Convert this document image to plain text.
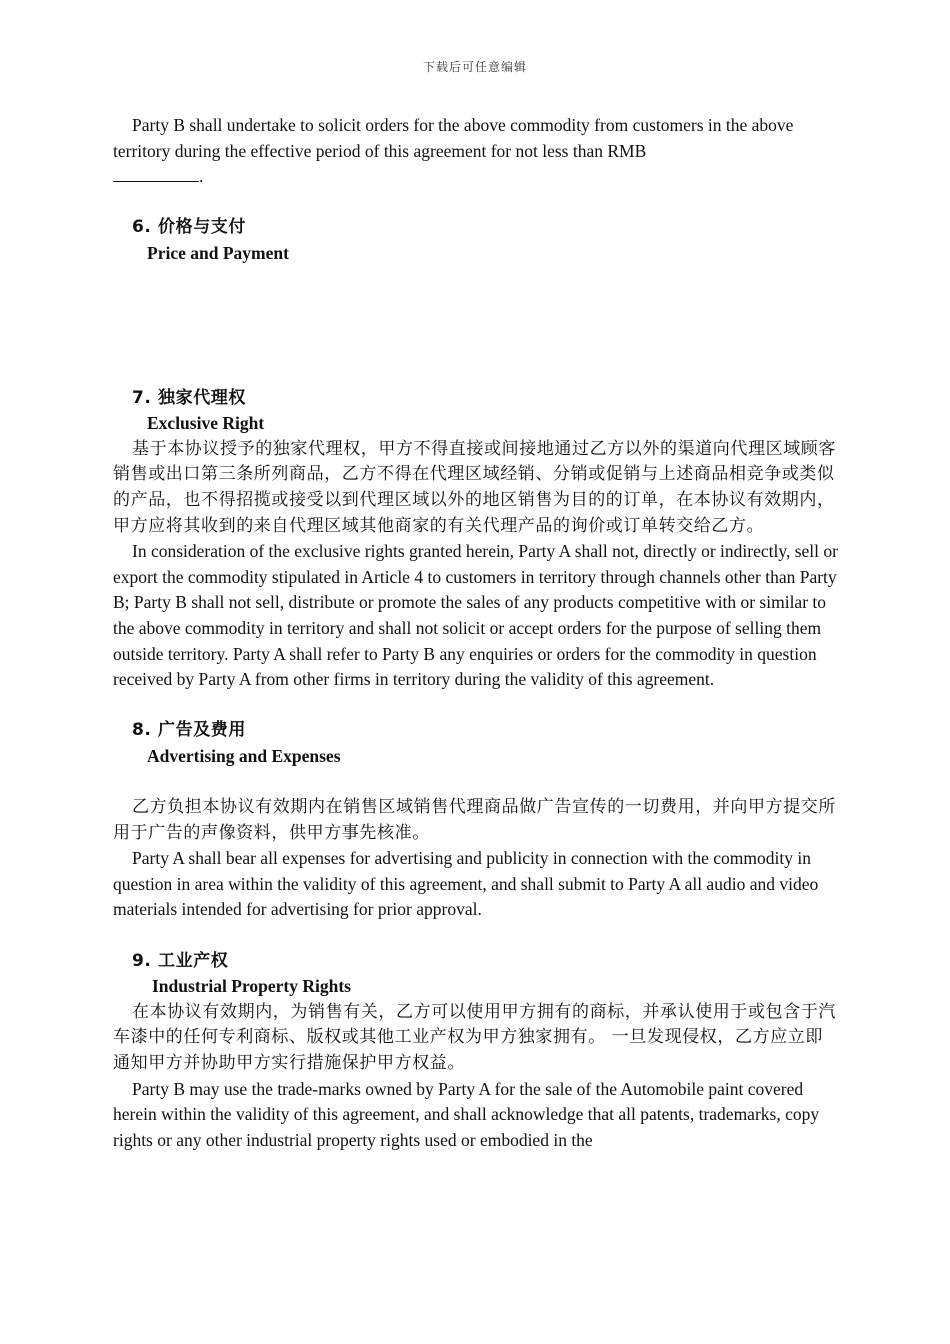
下载后可任意编辑

Party B shall undertake to solicit orders for the above commodity from customers in the above territory during the effective period of this agreement for not less than RMB
.

6. 价格与支付

Price and Payment

7. 独家代理权

Exclusive Right

基于本协议授予的独家代理权，甲方不得直接或间接地通过乙方以外的渠道向代理区域顾客销售或出口第三条所列商品，乙方不得在代理区域经销、分销或促销与上述商品相竞争或类似的产品，也不得招揽或接受以到代理区域以外的地区销售为目的的订单，在本协议有效期内，甲方应将其收到的来自代理区域其他商家的有关代理产品的询价或订单转交给乙方。

In consideration of the exclusive rights granted herein, Party A shall not, directly or indirectly, sell or export the commodity stipulated in Article 4 to customers in territory through channels other than Party B; Party B shall not sell, distribute or promote the sales of any products competitive with or similar to the above commodity in territory and shall not solicit or accept orders for the purpose of selling them outside territory. Party A shall refer to Party B any enquiries or orders for the commodity in question received by Party A from other firms in territory during the validity of this agreement.

8. 广告及费用

Advertising and Expenses

乙方负担本协议有效期内在销售区域销售代理商品做广告宣传的一切费用，并向甲方提交所用于广告的声像资料，供甲方事先核准。

Party A shall bear all expenses for advertising and publicity in connection with the commodity in question in area within the validity of this agreement, and shall submit to Party A all audio and video materials intended for advertising for prior approval.

9. 工业产权

Industrial Property Rights

在本协议有效期内，为销售有关，乙方可以使用甲方拥有的商标，并承认使用于或包含于汽车漆中的任何专利商标、版权或其他工业产权为甲方独家拥有。 一旦发现侵权，乙方应立即通知甲方并协助甲方实行措施保护甲方权益。

Party B may use the trade-marks owned by Party A for the sale of the Automobile paint covered herein within the validity of this agreement, and shall acknowledge that all patents, trademarks, copy rights or any other industrial property rights used or embodied in the
